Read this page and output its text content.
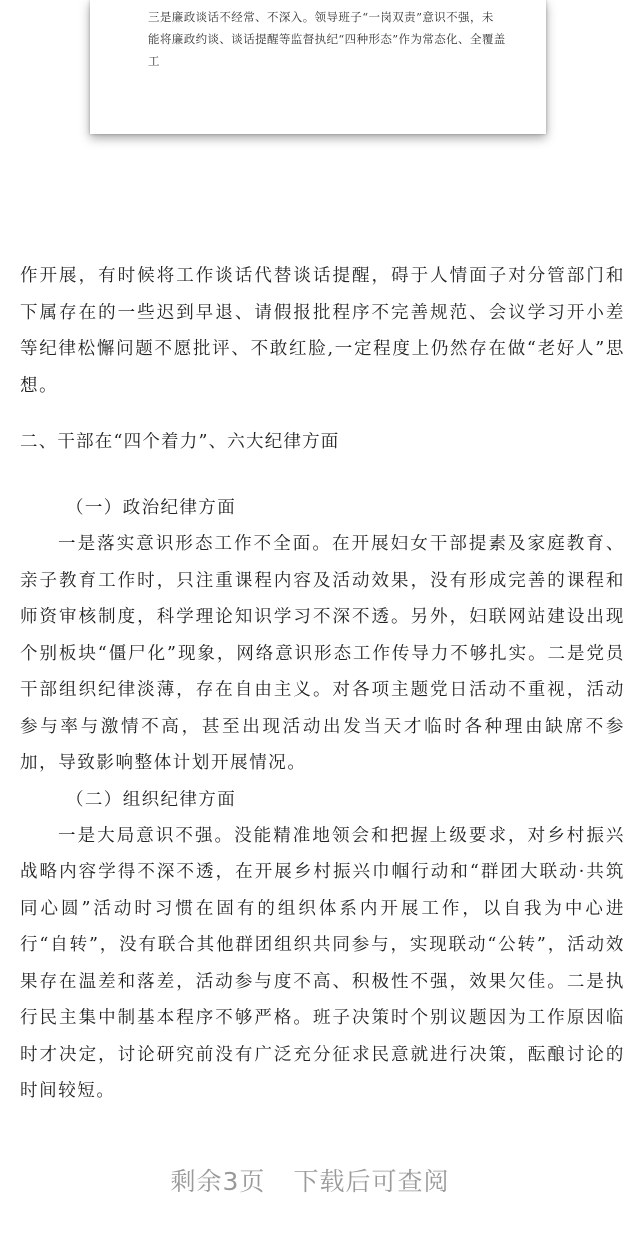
三是廉政谈话不经常、不深入。领导班子“一岗双责”意识不强，未

能将廉政约谈、谈话提醒等监督执纪“四种形态”作为常态化、全覆盖工

作开展，有时候将工作谈话代替谈话提醒，碍于人情面子对分管部门和下属存在的一些迟到早退、请假报批程序不完善规范、会议学习开小差等纪律松懈问题不愿批评、不敢红脸,一定程度上仍然存在做“老好人”思想。

二、干部在“四个着力”、六大纪律方面

（一）政治纪律方面

一是落实意识形态工作不全面。在开展妇女干部提素及家庭教育、亲子教育工作时，只注重课程内容及活动效果，没有形成完善的课程和师资审核制度，科学理论知识学习不深不透。另外，妇联网站建设出现个别板块“僵尸化”现象，网络意识形态工作传导力不够扎实。二是党员干部组织纪律淡薄，存在自由主义。对各项主题党日活动不重视，活动参与率与激情不高，甚至出现活动出发当天才临时各种理由缺席不参加，导致影响整体计划开展情况。

（二）组织纪律方面

一是大局意识不强。没能精准地领会和把握上级要求，对乡村振兴战略内容学得不深不透，在开展乡村振兴巾帼行动和“群团大联动·共筑同心圆”活动时习惯在固有的组织体系内开展工作，以自我为中心进行“自转”，没有联合其他群团组织共同参与，实现联动“公转”，活动效果存在温差和落差，活动参与度不高、积极性不强，效果欠佳。二是执行民主集中制基本程序不够严格。班子决策时个别议题因为工作原因临时才决定，讨论研究前没有广泛充分征求民意就进行决策，酝酿讨论的时间较短。

剩余3页 下载后可查阅
